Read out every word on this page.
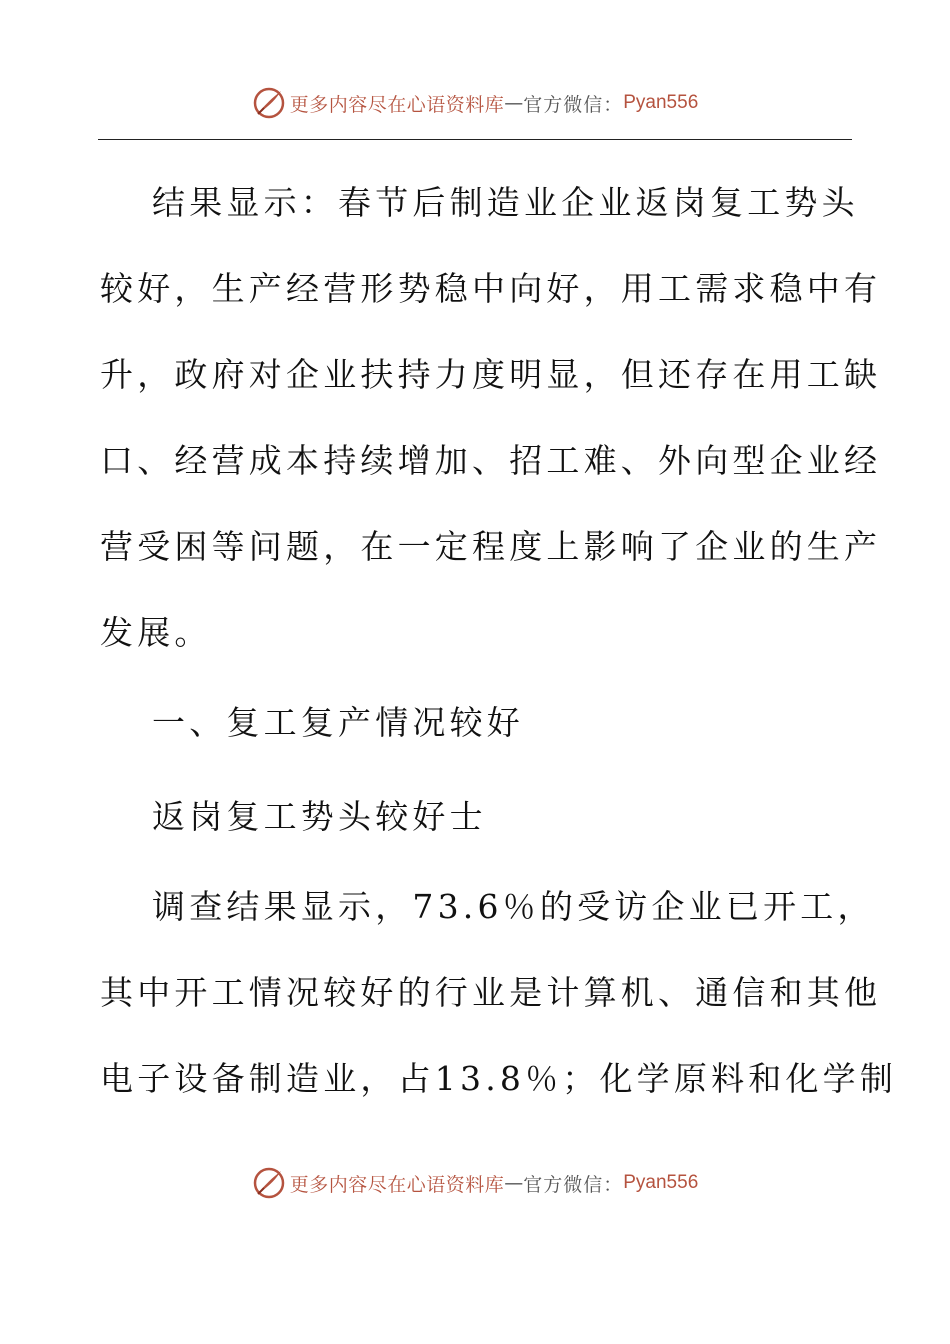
更多内容尽在心语资料库 — 官方微信： Pyan556

结果显示：春节后制造业企业返岗复工势头
较好，生产经营形势稳中向好，用工需求稳中有
升，政府对企业扶持力度明显，但还存在用工缺
口、经营成本持续增加、招工难、外向型企业经
营受困等问题，在一定程度上影响了企业的生产
发展。

一、复工复产情况较好

返岗复工势头较好士

调查结果显示，73.6％的受访企业已开工，
其中开工情况较好的行业是计算机、通信和其他
电子设备制造业，占13.8％；化学原料和化学制

更多内容尽在心语资料库 — 官方微信： Pyan556
